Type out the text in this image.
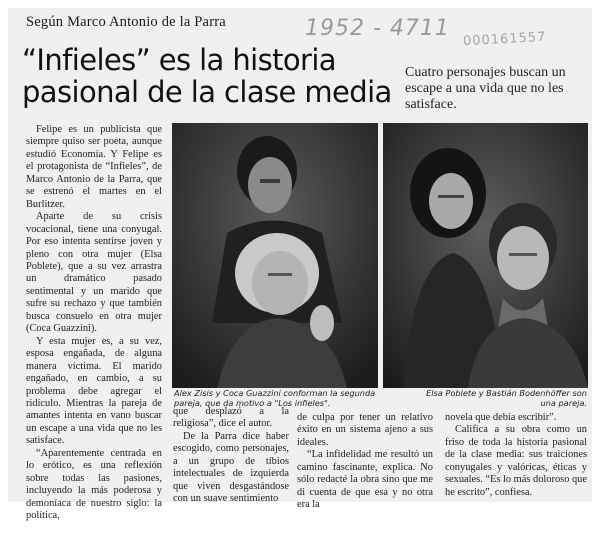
Según Marco Antonio de la Parra	1952 - 4711 000161557
“Infieles” es la historia
pasional de la clase media
Cuatro personajes buscan un escape a una vida que no les satisface.

Felipe es un publicista que siempre quiso ser poeta, aunque estudió Economía. Y Felipe es el protagonista de “Infieles”, de Marco Antonio de la Parra, que se estrenó el martes en el Burlitzer.

Aparte de su crisis vocacional, tiene una conyugal. Por eso intenta sentirse joven y pleno con otra mujer (Elsa Poblete), que a su vez arrastra un dramático pasado sentimental y un marido que sufre su rechazo y que también busca consuelo en otra mujer (Coca Guazzini).

Y esta mujer es, a su vez, esposa engañada, de alguna manera víctima. El marido engañado, en cambio, a su problema debe agregar el ridículo. Mientras la pareja de amantes intenta en vano buscar un escape a una vida que no les satisface.

“Aparentemente centrada en lo erótico, es una reflexión sobre todas las pasiones, incluyendo la más poderosa y demoníaca de nuestro siglo: la política,

Alex Zisis y Coca Guazzini conforman la segunda pareja, que da motivo a "Los infieles".
Elsa Poblete y Bastián Bodenhöffer son una pareja.

que desplazó a la religiosa”, dice el autor.

De la Parra dice haber escogido, como personajes, a un grupo de tibios intelectuales de izquierda que viven desgastándose con un suave sentimiento

de culpa por tener un relativo éxito en un sistema ajeno a sus ideales.

“La infidelidad me resultó un camino fascinante, explica. No sólo redacté la obra sino que me di cuenta de que esa y no otra era la

novela que debía escribir”.

Califica a su obra como un friso de toda la historia pasional de la clase media: sus traiciones conyugales y valóricas, éticas y sexuales. “Es lo más doloroso que he escrito”, confiesa.
